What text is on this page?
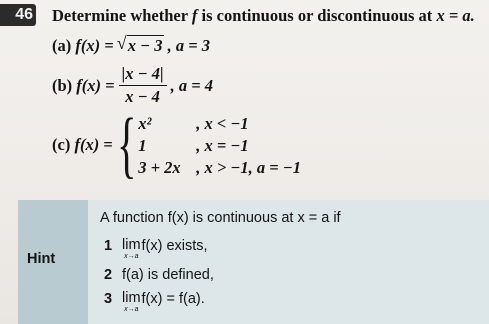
46 Determine whether f is continuous or discontinuous at x = a.
(a) f(x) = √ x − 3 , a = 3
(b)
$f(x) = \frac{|x - 4|}{x - 4}$ , a = 4
(c)
f(x) = { x²	, x < −1
1	, x = −1
3 + 2x , x > −1, a = −1
Hint
A function f(x) is continuous at x = a if
1 lim
x→a
f(x) exists,
2 f(a) is defined,
3 lim
x→a
f(x) = f(a).
